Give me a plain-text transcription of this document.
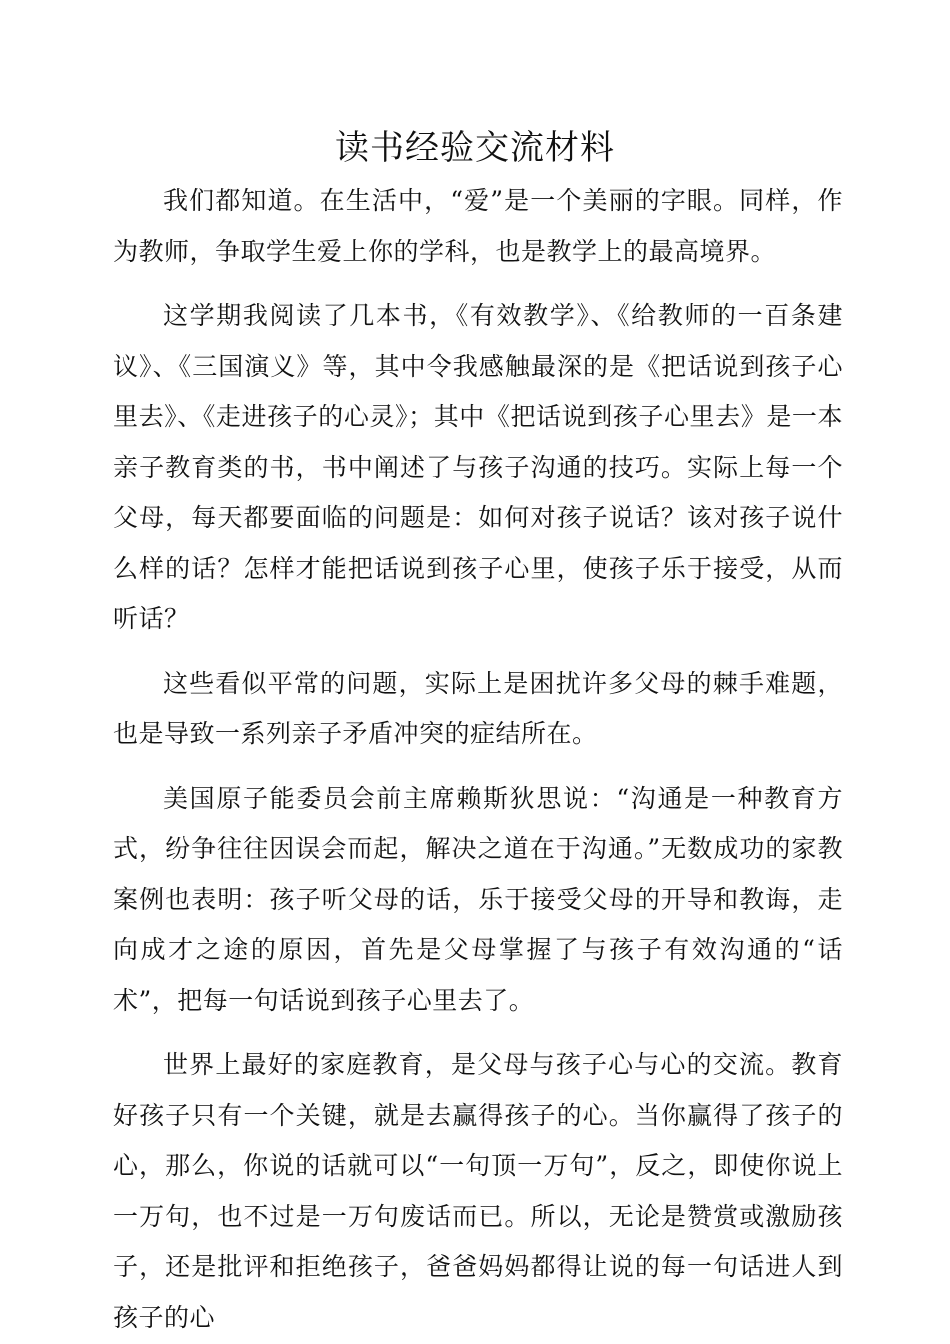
读书经验交流材料

我们都知道。在生活中，“爱”是一个美丽的字眼。同样，作为教师，争取学生爱上你的学科，也是教学上的最高境界。

这学期我阅读了几本书，《有效教学》、《给教师的一百条建议》、《三国演义》等，其中令我感触最深的是《把话说到孩子心里去》、《走进孩子的心灵》；其中《把话说到孩子心里去》是一本亲子教育类的书，书中阐述了与孩子沟通的技巧。实际上每一个父母，每天都要面临的问题是：如何对孩子说话？该对孩子说什么样的话？怎样才能把话说到孩子心里，使孩子乐于接受，从而听话？

这些看似平常的问题，实际上是困扰许多父母的棘手难题，也是导致一系列亲子矛盾冲突的症结所在。

美国原子能委员会前主席赖斯狄思说：“沟通是一种教育方式，纷争往往因误会而起，解决之道在于沟通。”无数成功的家教案例也表明：孩子听父母的话，乐于接受父母的开导和教诲，走向成才之途的原因，首先是父母掌握了与孩子有效沟通的“话术”，把每一句话说到孩子心里去了。

世界上最好的家庭教育，是父母与孩子心与心的交流。教育好孩子只有一个关键，就是去赢得孩子的心。当你赢得了孩子的心，那么，你说的话就可以“一句顶一万句”，反之，即使你说上一万句，也不过是一万句废话而已。所以，无论是赞赏或激励孩子，还是批评和拒绝孩子，爸爸妈妈都得让说的每一句话进人到孩子的心
